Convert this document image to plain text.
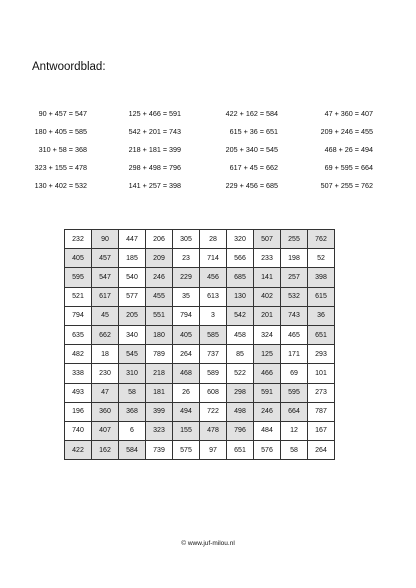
Antwoordblad:
90 + 457 = 547	125 + 466 = 591	422 + 162 = 584	47 + 360 = 407
180 + 405 = 585	542 + 201 = 743	615 + 36 = 651	209 + 246 = 455
310 + 58 = 368	218 + 181 = 399	205 + 340 = 545	468 + 26 = 494
323 + 155 = 478	298 + 498 = 796	617 + 45 = 662	69 + 595 = 664
130 + 402 = 532	141 + 257 = 398	229 + 456 = 685	507 + 255 = 762
232	90	447	206	305	28	320	507	255	762
405	457	185	209	23	714	566	233	198	52
595	547	540	246	229	456	685	141	257	398
521	617	577	455	35	613	130	402	532	615
794	45	205	551	794	3	542	201	743	36
635	662	340	180	405	585	458	324	465	651
482	18	545	789	264	737	85	125	171	293
338	230	310	218	468	589	522	466	69	101
493	47	58	181	26	608	298	591	595	273
196	360	368	399	494	722	498	246	664	787
740	407	6	323	155	478	796	484	12	167
422	162	584	739	575	97	651	576	58	264
© www.juf-milou.nl
